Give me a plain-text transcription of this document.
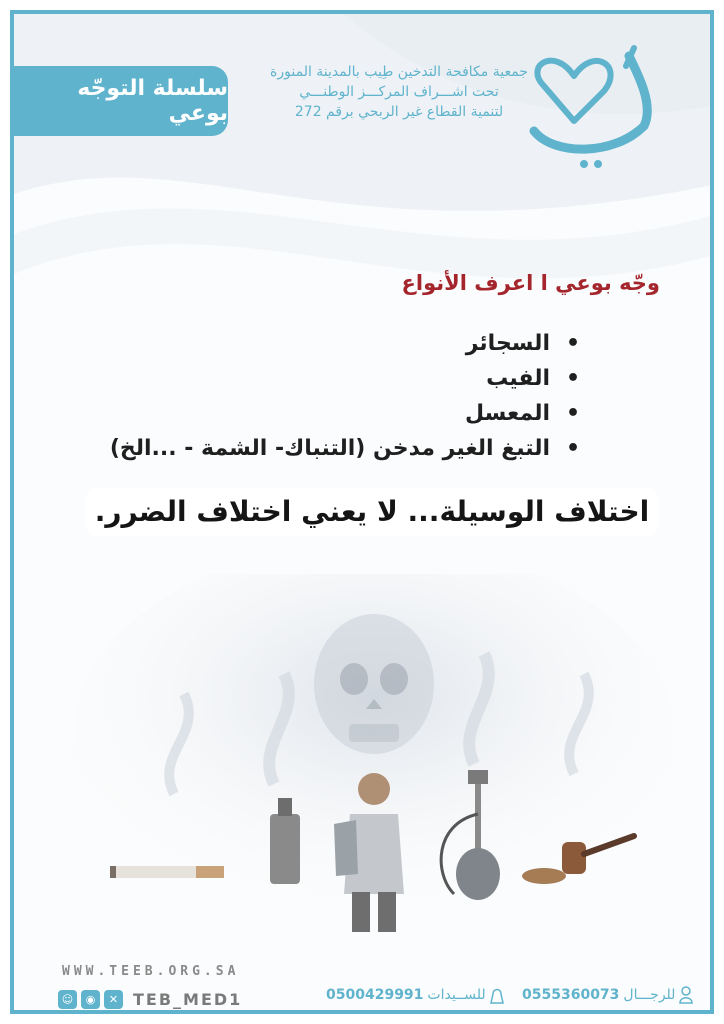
سلسلة التوجّه بوعي
جمعية مكافحة التدخين طِيب بالمدينة المنورة
تحت اشـــراف المركـــز الوطنـــي
لتنمية القطاع غير الربحي برقم 272
وجّه بوعي ا اعرف الأنواع
• السجائر
• الفيب
• المعسل
• التبغ الغير مدخن (التنباك- الشمة - ...الخ)
اختلاف الوسيلة... لا يعني اختلاف الضرر.
WWW.TEEB.ORG.SA
☺	◉	✕ TEB_MED1	للرجـــال
0555360073
للســيدات
0500429991
